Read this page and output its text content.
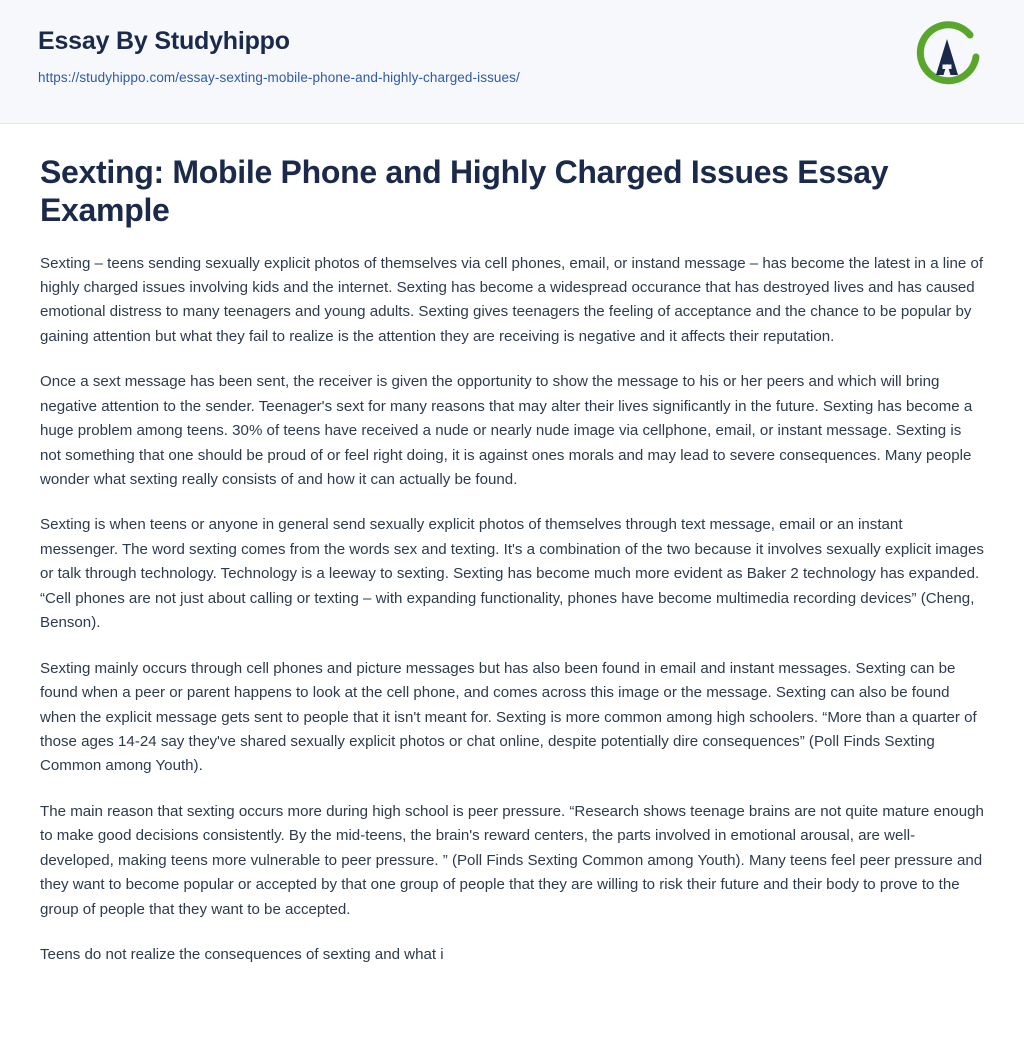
Essay By Studyhippo
https://studyhippo.com/essay-sexting-mobile-phone-and-highly-charged-issues/
Sexting: Mobile Phone and Highly Charged Issues Essay Example

Sexting – teens sending sexually explicit photos of themselves via cell phones, email, or instand message – has become the latest in a line of highly charged issues involving kids and the internet. Sexting has become a widespread occurance that has destroyed lives and has caused emotional distress to many teenagers and young adults. Sexting gives teenagers the feeling of acceptance and the chance to be popular by gaining attention but what they fail to realize is the attention they are receiving is negative and it affects their reputation.

Once a sext message has been sent, the receiver is given the opportunity to show the message to his or her peers and which will bring negative attention to the sender. Teenager's sext for many reasons that may alter their lives significantly in the future. Sexting has become a huge problem among teens. 30% of teens have received a nude or nearly nude image via cellphone, email, or instant message. Sexting is not something that one should be proud of or feel right doing, it is against ones morals and may lead to severe consequences. Many people wonder what sexting really consists of and how it can actually be found.

Sexting is when teens or anyone in general send sexually explicit photos of themselves through text message, email or an instant messenger. The word sexting comes from the words sex and texting. It's a combination of the two because it involves sexually explicit images or talk through technology. Technology is a leeway to sexting. Sexting has become much more evident as Baker 2 technology has expanded. “Cell phones are not just about calling or texting – with expanding functionality, phones have become multimedia recording devices” (Cheng, Benson).

Sexting mainly occurs through cell phones and picture messages but has also been found in email and instant messages. Sexting can be found when a peer or parent happens to look at the cell phone, and comes across this image or the message. Sexting can also be found when the explicit message gets sent to people that it isn't meant for. Sexting is more common among high schoolers. “More than a quarter of those ages 14-24 say they've shared sexually explicit photos or chat online, despite potentially dire consequences” (Poll Finds Sexting Common among Youth).

The main reason that sexting occurs more during high school is peer pressure. “Research shows teenage brains are not quite mature enough to make good decisions consistently. By the mid-teens, the brain's reward centers, the parts involved in emotional arousal, are well-developed, making teens more vulnerable to peer pressure. ” (Poll Finds Sexting Common among Youth). Many teens feel peer pressure and they want to become popular or accepted by that one group of people that they are willing to risk their future and their body to prove to the group of people that they want to be accepted.

Teens do not realize the consequences of sexting and what i
